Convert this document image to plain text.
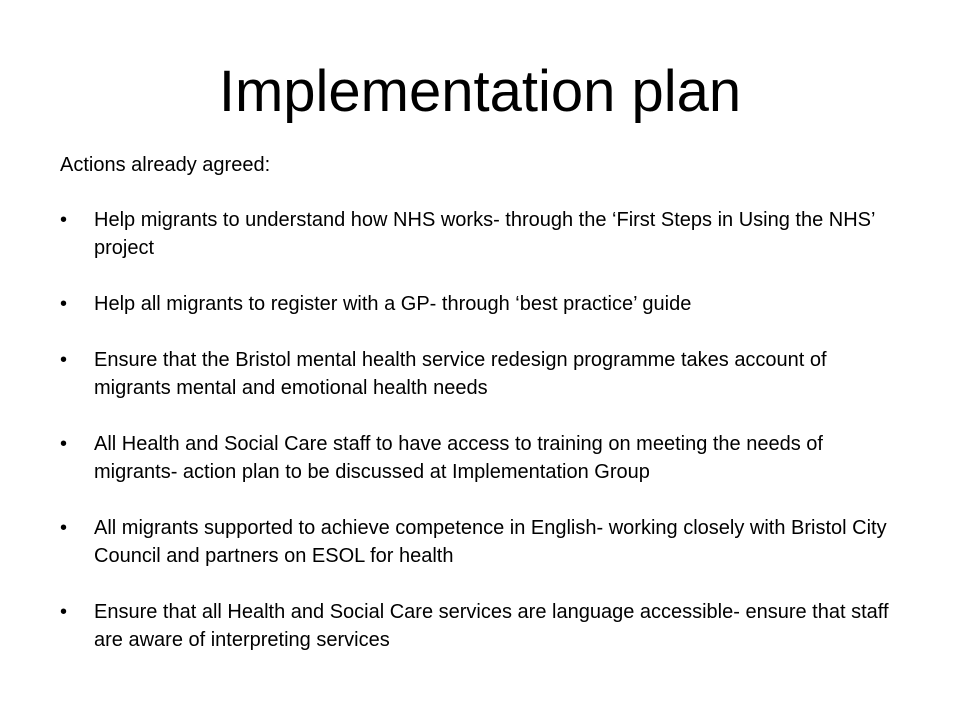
Implementation plan

Actions already agreed:

•	Help migrants to understand how NHS works- through the ‘First Steps in Using the NHS’ project
•	Help all migrants to register with a GP- through ‘best practice’ guide
•	Ensure that the Bristol mental health service redesign programme takes account of migrants mental and emotional health needs
•	All Health and Social Care staff to have access to training on meeting the needs of migrants- action plan to be discussed at Implementation Group
•	All migrants supported to achieve competence in English- working closely with Bristol City Council and partners on ESOL for health
•	Ensure that all Health and Social Care services are language accessible- ensure that staff are aware of interpreting services
